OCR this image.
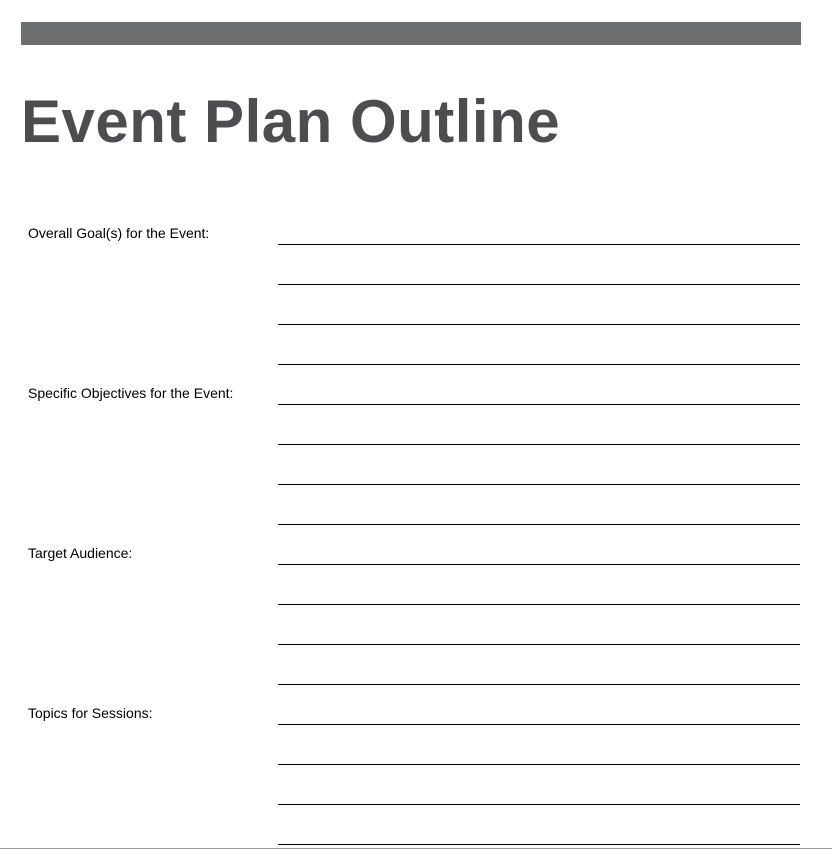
Event Plan Outline
Overall Goal(s) for the Event:
Specific Objectives for the Event:
Target Audience:
Topics for Sessions:
